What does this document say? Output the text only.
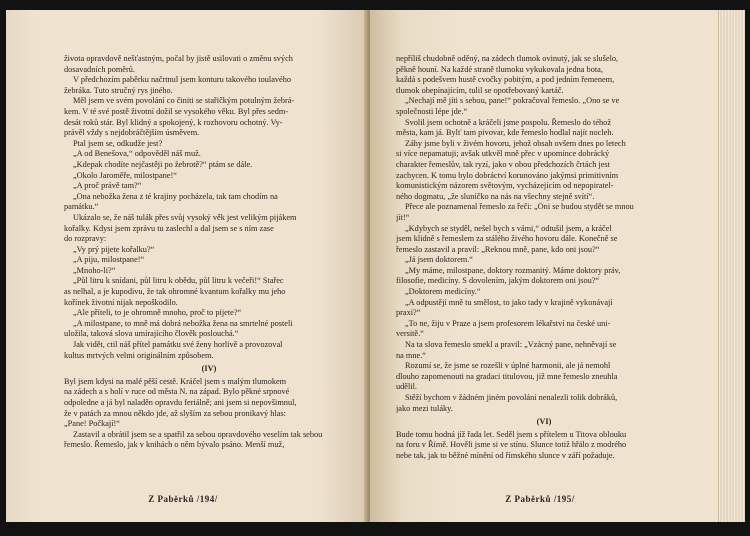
života opravdově nešťastným, počal by jistě usilovati o změnu svých
dosavadních poměrů.
V předchozím paběrku načrtnul jsem konturu takového toulavého
žebráka. Tuto stručný rys jiného.
Měl jsem ve svém povolání co činiti se stařičkým potulným žebrá-
kem. V té své postě životní dožil se vysokého věku. Byl přes sedm-
desát roků stár. Byl klidný a spokojený, k rozhovoru ochotný. Vy-
právěl vždy s nejdobráčtějším úsměvem.
Ptal jsem se, odkudže jest?
„A od Benešova,“ odpověděl náš muž.
„Kdepak chodíte nejčastěji po žebrotě?“ ptám se dále.
„Okolo Jaroměře, milostpane!“
„A proč právě tam?“
„Ona nebožka žena z té krajiny pocházela, tak tam chodím na
památku.“
Ukázalo se, že náš tulák přes svůj vysoký věk jest velikým pijákem
kořalky. Kdysi jsem zprávu tu zaslechl a dal jsem se s ním zase
do rozpravy:
„Vy prý pijete kořalku?“
„A piju, milostpane!“
„Mnoho-li?“
„Půl litru k snídani, půl litru k obědu, půl litru k večeři!“ Stařec
as nelhal, a je kupodivu, že tak ohromné kvantum kořalky mu jeho
kořínek životní nijak nepoškodilo.
„Ale příteli, to je ohromně mnoho, proč to pijete?“
„A milostpane, to mně má dobrá nebožka žena na smrtelné posteli
uložila, taková slova umírajícího člověk poslouchá.“
Jak vidět, ctil náš přítel památku své ženy horlivě a provozoval
kultus mrtvých velmi originálním způsobem.
(IV)
Byl jsem kdysi na malé pěší cestě. Kráčel jsem s malým tlumokem
na zádech a s holí v ruce od města N. na západ. Bylo pěkné srpnové
odpoledne a já byl naladěn opravdu feriálně; ani jsem si nepovšimnul,
že v patách za mnou někdo jde, až slyším za sebou pronikavý hlas:
„Pane! Počkají!“
Zastavil a obrátil jsem se a spatřil za sebou opravdového veselím tak sebou
řemeslo. Řemeslo, jak v knihách o něm bývalo psáno. Menší muž,
Z Paběrků /194/
nepříliš chudobně oděný, na zádech tlumok ovinutý, jak se slušelo,
pěkně houní. Na každé straně tlumoku vykukovala jedna bota,
každá s podešvem hustě cvočky pobitým, a pod jedním řemenem,
tlumok obepínajícím, tulil se opotřebovaný kartáč.
„Nechají mě jíti s sebou, pane!“ pokračoval řemeslo. „Ono se ve
společnosti lépe jde.“
Svolil jsem ochotně a kráčeli jsme pospolu. Řemeslo do téhož
města, kam já. Bylť tam pivovar, kde řemeslo hodlal najít nocleh.
Záhy jsme byli v živém hovoru, jehož obsah ovšem dnes po letech
si více nepamatuji; avšak utkvěl mně přec v upomínce dobrácký
charakter řemeslův, tak ryzí, jako v obou předchozích črtách jest
zachycen. K tomu bylo dobráctví korunováno jakýmsi primitivním
komunistickým názorem světovým, vycházejícím od nepopiratel-
ného dogmatu, „že sluníčko na nás na všechny stejně svítí“.
Přece ale poznamenal řemeslo za řeči: „Oni se budou stydět se mnou
jít!“
„Kdybych se styděl, nešel bych s vámi,“ odtušil jsem, a kráčel
jsem klidně s řemeslem za stálého živého hovoru dále. Konečně se
řemeslo zastavil a pravil: „Reknou mně, pane, kdo oni jsou?“
„Já jsem doktorem.“
„My máme, milostpane, doktory rozmanitý. Máme doktory práv,
filosofie, medicíny. S dovolením, jakým doktorem oni jsou?“
„Doktorem medicíny.“
„A odpustějí mně tu smělost, to jako tady v krajině vykonávají
praxi?“
„To ne, žiju v Praze a jsem profesorem lékařství na české uni-
versitě.“
Na ta slova řemeslo smekl a pravil: „Vzácný pane, nehněvají se
na mne.“
Rozumí se, že jsme se rozešli v úplné harmonii, ale já nemohl
dlouho zapomenouti na gradaci titulovou, již mne řemeslo zneuhla
udělil.
Stěží bychom v žádném jiném povolání nenalezli tolik dobráků,
jako mezi tuláky.
(VI)
Bude tomu hodná jíž řada let. Seděl jsem s přítelem u Titova oblouku
na foru v Římě. Hověli jsme si ve stínu. Slunce totiž hřálo z modrého
nebe tak, jak to běžné mínění od římského slunce v září požaduje.
Z Paběrků /195/
